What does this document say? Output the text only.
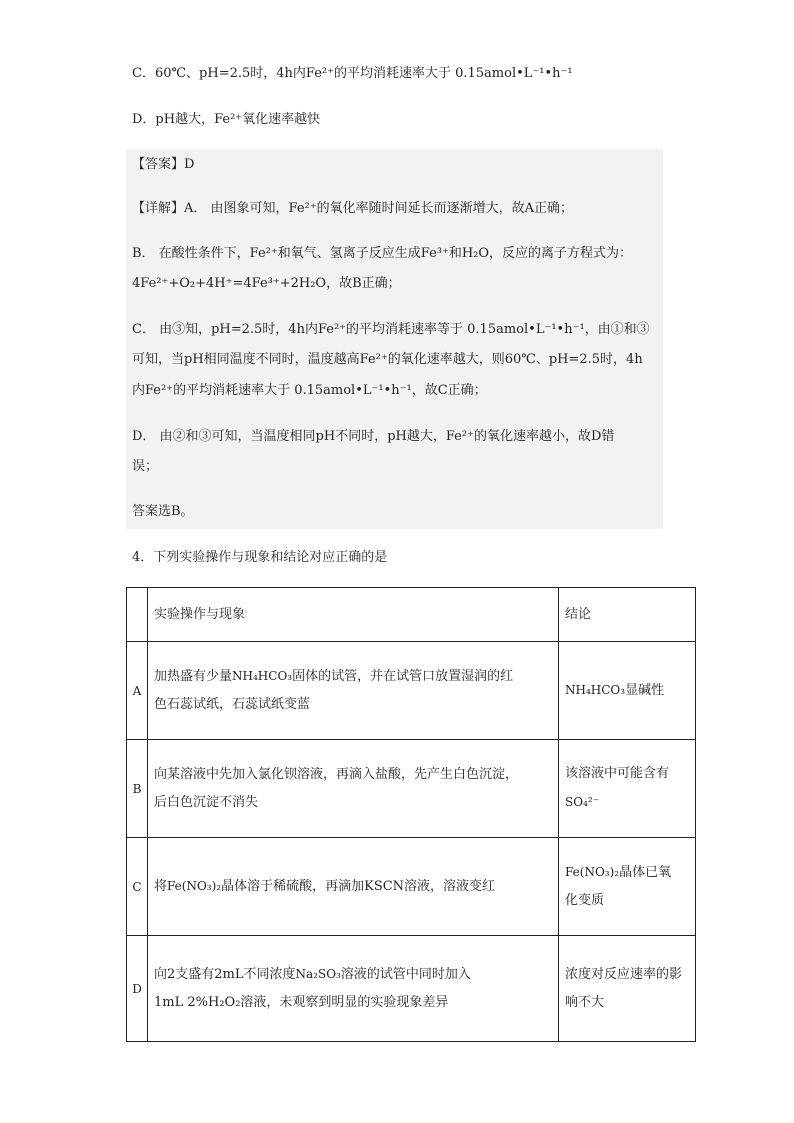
C．60℃、pH=2.5时，4h内Fe²⁺的平均消耗速率大于 0.15amol•L⁻¹•h⁻¹
D．pH越大，Fe²⁺氧化速率越快
【答案】D
【详解】A． 由图象可知，Fe²⁺的氧化率随时间延长而逐渐增大，故A正确；
B． 在酸性条件下，Fe²⁺和氧气、氢离子反应生成Fe³⁺和H₂O，反应的离子方程式为：
4Fe²⁺+O₂+4H⁺=4Fe³⁺+2H₂O，故B正确；
C． 由③知，pH=2.5时，4h内Fe²⁺的平均消耗速率等于 0.15amol•L⁻¹•h⁻¹，由①和③
可知，当pH相同温度不同时，温度越高Fe²⁺的氧化速率越大，则60℃、pH=2.5时，4h
内Fe²⁺的平均消耗速率大于 0.15amol•L⁻¹•h⁻¹，故C正确；
D． 由②和③可知，当温度相同pH不同时，pH越大，Fe²⁺的氧化速率越小，故D错
误；
答案选B。
4．下列实验操作与现象和结论对应正确的是
	实验操作与现象	结论
A	加热盛有少量NH₄HCO₃固体的试管，并在试管口放置湿润的红
色石蕊试纸，石蕊试纸变蓝	NH₄HCO₃显碱性
B	向某溶液中先加入氯化钡溶液，再滴入盐酸，先产生白色沉淀，
后白色沉淀不消失	该溶液中可能含有
SO₄²⁻
C	将Fe(NO₃)₂晶体溶于稀硫酸，再滴加KSCN溶液，溶液变红	Fe(NO₃)₂晶体已氧
化变质
D	向2支盛有2mL不同浓度Na₂SO₃溶液的试管中同时加入
1mL 2%H₂O₂溶液，未观察到明显的实验现象差异	浓度对反应速率的影
响不大
